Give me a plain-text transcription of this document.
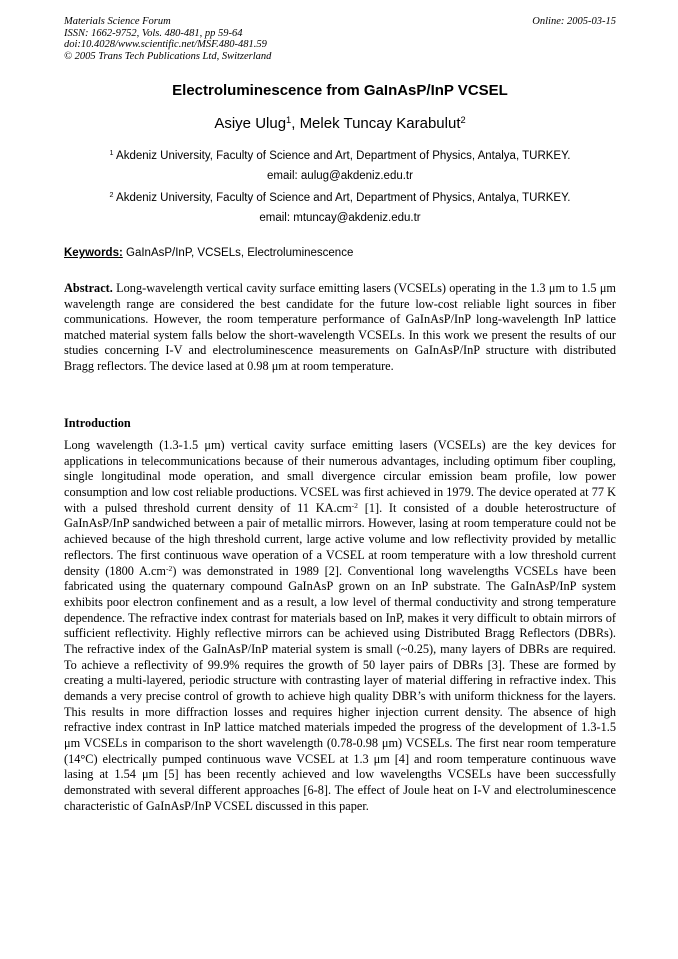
Materials Science Forum
ISSN: 1662-9752, Vols. 480-481, pp 59-64
doi:10.4028/www.scientific.net/MSF.480-481.59
© 2005 Trans Tech Publications Ltd, Switzerland
Online: 2005-03-15
Electroluminescence from GaInAsP/InP VCSEL
Asiye Ulug$^1$, Melek Tuncay Karabulut$^2$
$^1$ Akdeniz University, Faculty of Science and Art, Department of Physics, Antalya, TURKEY.
email: aulug@akdeniz.edu.tr
$^2$ Akdeniz University, Faculty of Science and Art, Department of Physics, Antalya, TURKEY.
email: mtuncay@akdeniz.edu.tr
Keywords: GaInAsP/InP, VCSELs, Electroluminescence
Abstract. Long-wavelength vertical cavity surface emitting lasers (VCSELs) operating in the 1.3 μm to 1.5 μm wavelength range are considered the best candidate for the future low-cost reliable light sources in fiber communications. However, the room temperature performance of GaInAsP/InP long-wavelength InP lattice matched material system falls below the short-wavelength VCSELs. In this work we present the results of our studies concerning I-V and electroluminescence measurements on GaInAsP/InP structure with distributed Bragg reflectors. The device lased at 0.98 μm at room temperature.
Introduction
Long wavelength (1.3-1.5 μm) vertical cavity surface emitting lasers (VCSELs) are the key devices for applications in telecommunications because of their numerous advantages, including optimum fiber coupling, single longitudinal mode operation, and small divergence circular emission beam profile, low power consumption and low cost reliable productions. VCSEL was first achieved in 1979. The device operated at 77 K with a pulsed threshold current density of 11 $KA.cm^{-2}$ [1]. It consisted of a double heterostructure of GaInAsP/InP sandwiched between a pair of metallic mirrors. However, lasing at room temperature could not be achieved because of the high threshold current, large active volume and low reflectivity provided by metallic reflectors. The first continuous wave operation of a VCSEL at room temperature with a low threshold current density (1800 $A.cm^{-2}$) was demonstrated in 1989 [2]. Conventional long wavelengths VCSELs have been fabricated using the quaternary compound GaInAsP grown on an InP substrate. The GaInAsP/InP system exhibits poor electron confinement and as a result, a low level of thermal conductivity and strong temperature dependence. The refractive index contrast for materials based on InP, makes it very difficult to obtain mirrors of sufficient reflectivity. Highly reflective mirrors can be achieved using Distributed Bragg Reflectors (DBRs). The refractive index of the GaInAsP/InP material system is small (~0.25), many layers of DBRs are required. To achieve a reflectivity of 99.9% requires the growth of 50 layer pairs of DBRs [3]. These are formed by creating a multi-layered, periodic structure with contrasting layer of material differing in refractive index. This demands a very precise control of growth to achieve high quality DBR’s with uniform thickness for the layers. This results in more diffraction losses and requires higher injection current density. The absence of high refractive index contrast in InP lattice matched materials impeded the progress of the development of 1.3-1.5 μm VCSELs in comparison to the short wavelength (0.78-0.98 μm) VCSELs. The first near room temperature (14°C) electrically pumped continuous wave VCSEL at 1.3 μm [4] and room temperature continuous wave lasing at 1.54 μm [5] has been recently achieved and low wavelengths VCSELs have been successfully demonstrated with several different approaches [6-8]. The effect of Joule heat on I-V and electroluminescence characteristic of GaInAsP/InP VCSEL discussed in this paper.
